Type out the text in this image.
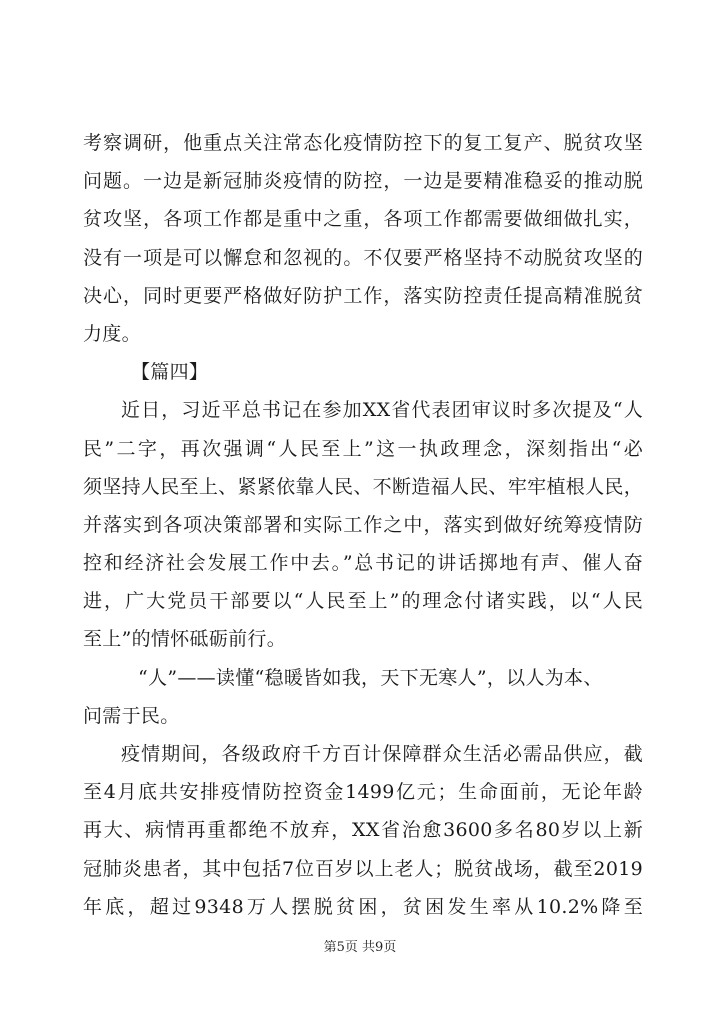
考察调研，他重点关注常态化疫情防控下的复工复产、脱贫攻坚
问题。一边是新冠肺炎疫情的防控，一边是要精准稳妥的推动脱
贫攻坚，各项工作都是重中之重，各项工作都需要做细做扎实，
没有一项是可以懈怠和忽视的。不仅要严格坚持不动脱贫攻坚的
决心，同时更要严格做好防护工作，落实防控责任提高精准脱贫
力度。
【篇四】
近日，习近平总书记在参加XX省代表团审议时多次提及“人
民”二字，再次强调“人民至上”这一执政理念，深刻指出“必
须坚持人民至上、紧紧依靠人民、不断造福人民、牢牢植根人民，
并落实到各项决策部署和实际工作之中，落实到做好统筹疫情防
控和经济社会发展工作中去。”总书记的讲话掷地有声、催人奋
进，广大党员干部要以“人民至上”的理念付诸实践，以“人民
至上”的情怀砥砺前行。
“人”——读懂“稳暖皆如我，天下无寒人”，以人为本、
问需于民。
疫情期间，各级政府千方百计保障群众生活必需品供应，截
至4月底共安排疫情防控资金1499亿元；生命面前，无论年龄
再大、病情再重都绝不放弃，XX省治愈3600多名80岁以上新
冠肺炎患者，其中包括7位百岁以上老人；脱贫战场，截至2019
年底，超过9348万人摆脱贫困，贫困发生率从10.2%降至
第5页 共9页
